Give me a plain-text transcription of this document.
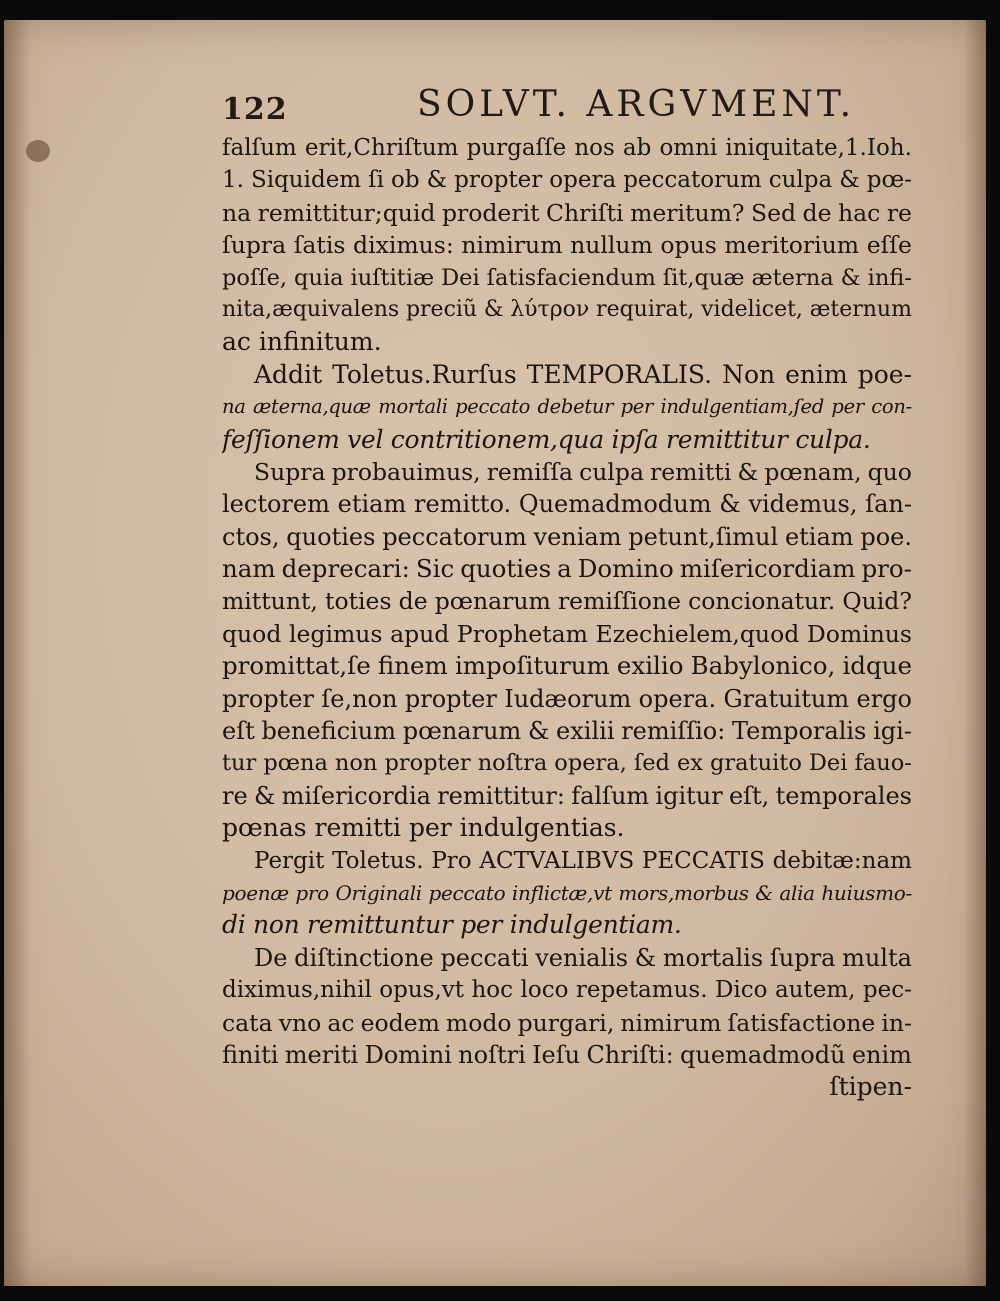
122	SOLVT. ARGVMENT.
falſum erit,Chriſtum purgaſſe nos ab omni iniquitate,1.Ioh.
1. Siquidem ſi ob & propter opera peccatorum culpa & pœ-
na remittitur;quid proderit Chriſti meritum? Sed de hac re
ſupra ſatis diximus: nimirum nullum opus meritorium eſſe
poſſe, quia iuſtitiæ Dei ſatisfaciendum ſit,quæ æterna & infi-
nita,æquivalens preciũ & λύτρον requirat, videlicet, æternum
ac infinitum.
Addit Toletus.Rurſus TEMPORALIS. Non enim poe-
na æterna,quæ mortali peccato debetur per indulgentiam,ſed per con-
feſſionem vel contritionem,qua ipſa remittitur culpa.
Supra probauimus, remiſſa culpa remitti & pœnam, quo
lectorem etiam remitto. Quemadmodum & videmus, ſan-
ctos, quoties peccatorum veniam petunt,ſimul etiam poe.
nam deprecari: Sic quoties a Domino miſericordiam pro-
mittunt, toties de pœnarum remiſſione concionatur. Quid?
quod legimus apud Prophetam Ezechielem,quod Dominus
promittat,ſe finem impoſiturum exilio Babylonico, idque
propter ſe,non propter Iudæorum opera. Gratuitum ergo
eſt beneficium pœnarum & exilii remiſſio: Temporalis igi-
tur pœna non propter noſtra opera, ſed ex gratuito Dei fauo-
re & miſericordia remittitur: falſum igitur eſt, temporales
pœnas remitti per indulgentias.
Pergit Toletus. Pro ACTVALIBVS PECCATIS debitæ:nam
poenæ pro Originali peccato inflictæ,vt mors,morbus & alia huiusmo-
di non remittuntur per indulgentiam.
De diſtinctione peccati venialis & mortalis ſupra multa
diximus,nihil opus,vt hoc loco repetamus. Dico autem, pec-
cata vno ac eodem modo purgari, nimirum ſatisfactione in-
finiti meriti Domini noſtri Ieſu Chriſti: quemadmodũ enim
ſtipen-
